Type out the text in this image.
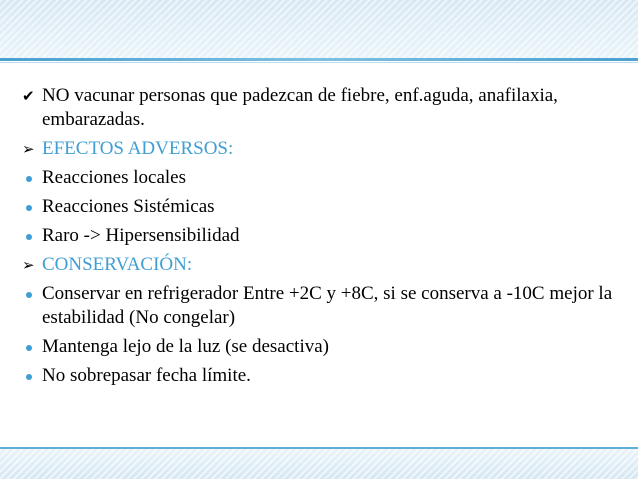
✔ NO vacunar personas que padezcan de fiebre, enf.aguda, anafilaxia, embarazadas.
➢ EFECTOS ADVERSOS:
Reacciones locales
Reacciones Sistémicas
Raro -> Hipersensibilidad
➢ CONSERVACIÓN:
Conservar en refrigerador Entre +2C y +8C, si se conserva a -10C mejor la estabilidad (No congelar)
Mantenga lejo de la luz (se desactiva)
No sobrepasar fecha límite.
